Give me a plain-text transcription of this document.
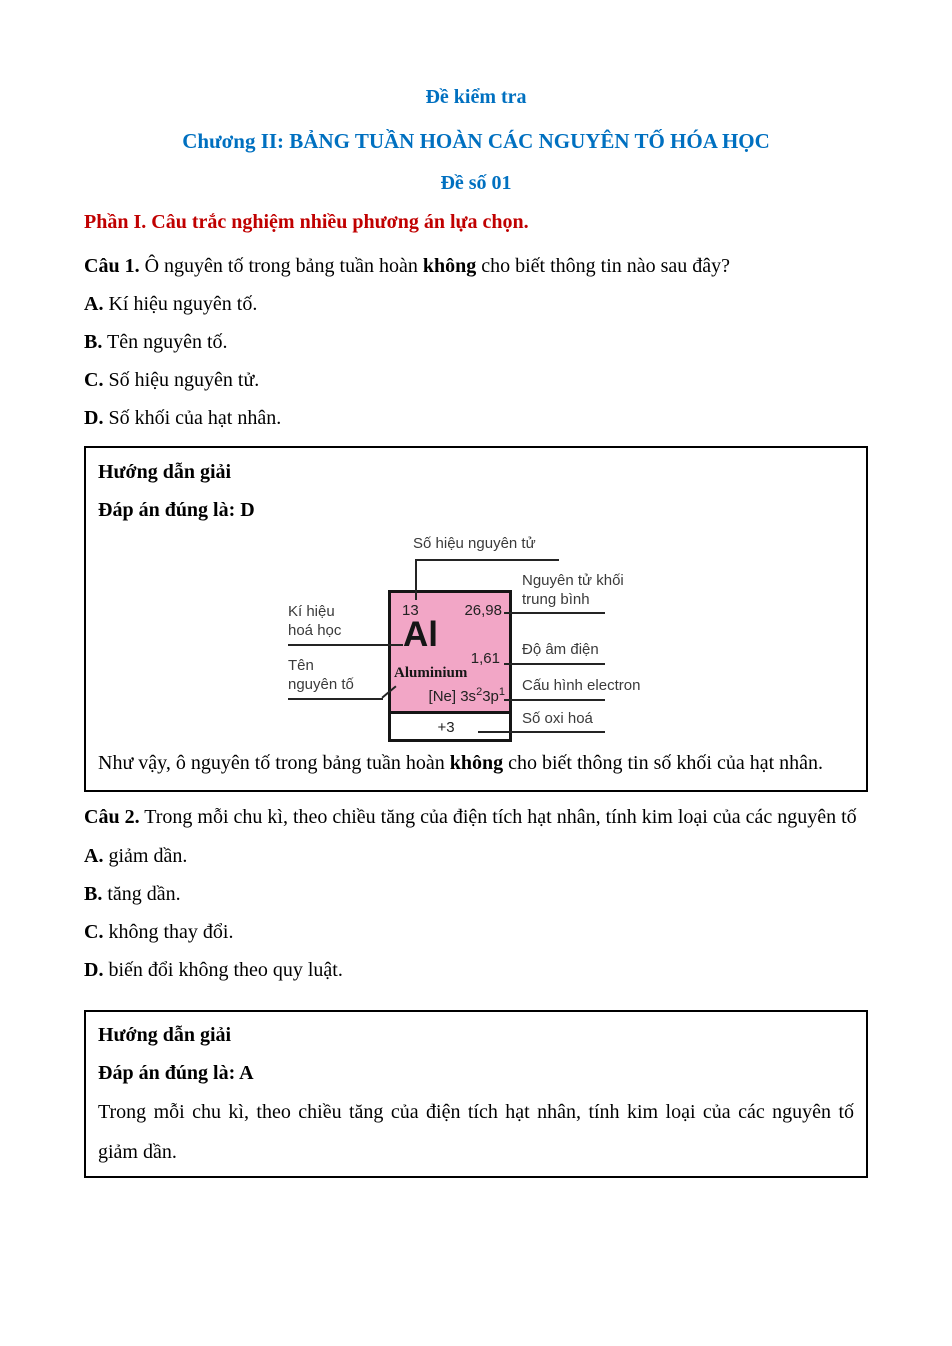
Đề kiểm tra
Chương II: BẢNG TUẦN HOÀN CÁC NGUYÊN TỐ HÓA HỌC
Đề số 01
Phần I. Câu trắc nghiệm nhiều phương án lựa chọn.

Câu 1. Ô nguyên tố trong bảng tuần hoàn không cho biết thông tin nào sau đây?

A. Kí hiệu nguyên tố.

B. Tên nguyên tố.

C. Số hiệu nguyên tử.

D. Số khối của hạt nhân.

Hướng dẫn giải

Đáp án đúng là: D

13	26,98
Al
1,61
Aluminium
[Ne] $3s^23p^1$
+3
Số hiệu nguyên tử
Kí hiệu
hoá học
Tên
nguyên tố
Nguyên tử khối
trung bình
Độ âm điện
Cấu hình electron
Số oxi hoá

Như vậy, ô nguyên tố trong bảng tuần hoàn không cho biết thông tin số khối của hạt nhân.

Câu 2. Trong mỗi chu kì, theo chiều tăng của điện tích hạt nhân, tính kim loại của các nguyên tố

A. giảm dần.

B. tăng dần.

C. không thay đổi.

D. biến đổi không theo quy luật.

Hướng dẫn giải

Đáp án đúng là: A

Trong mỗi chu kì, theo chiều tăng của điện tích hạt nhân, tính kim loại của các nguyên tố giảm dần.
